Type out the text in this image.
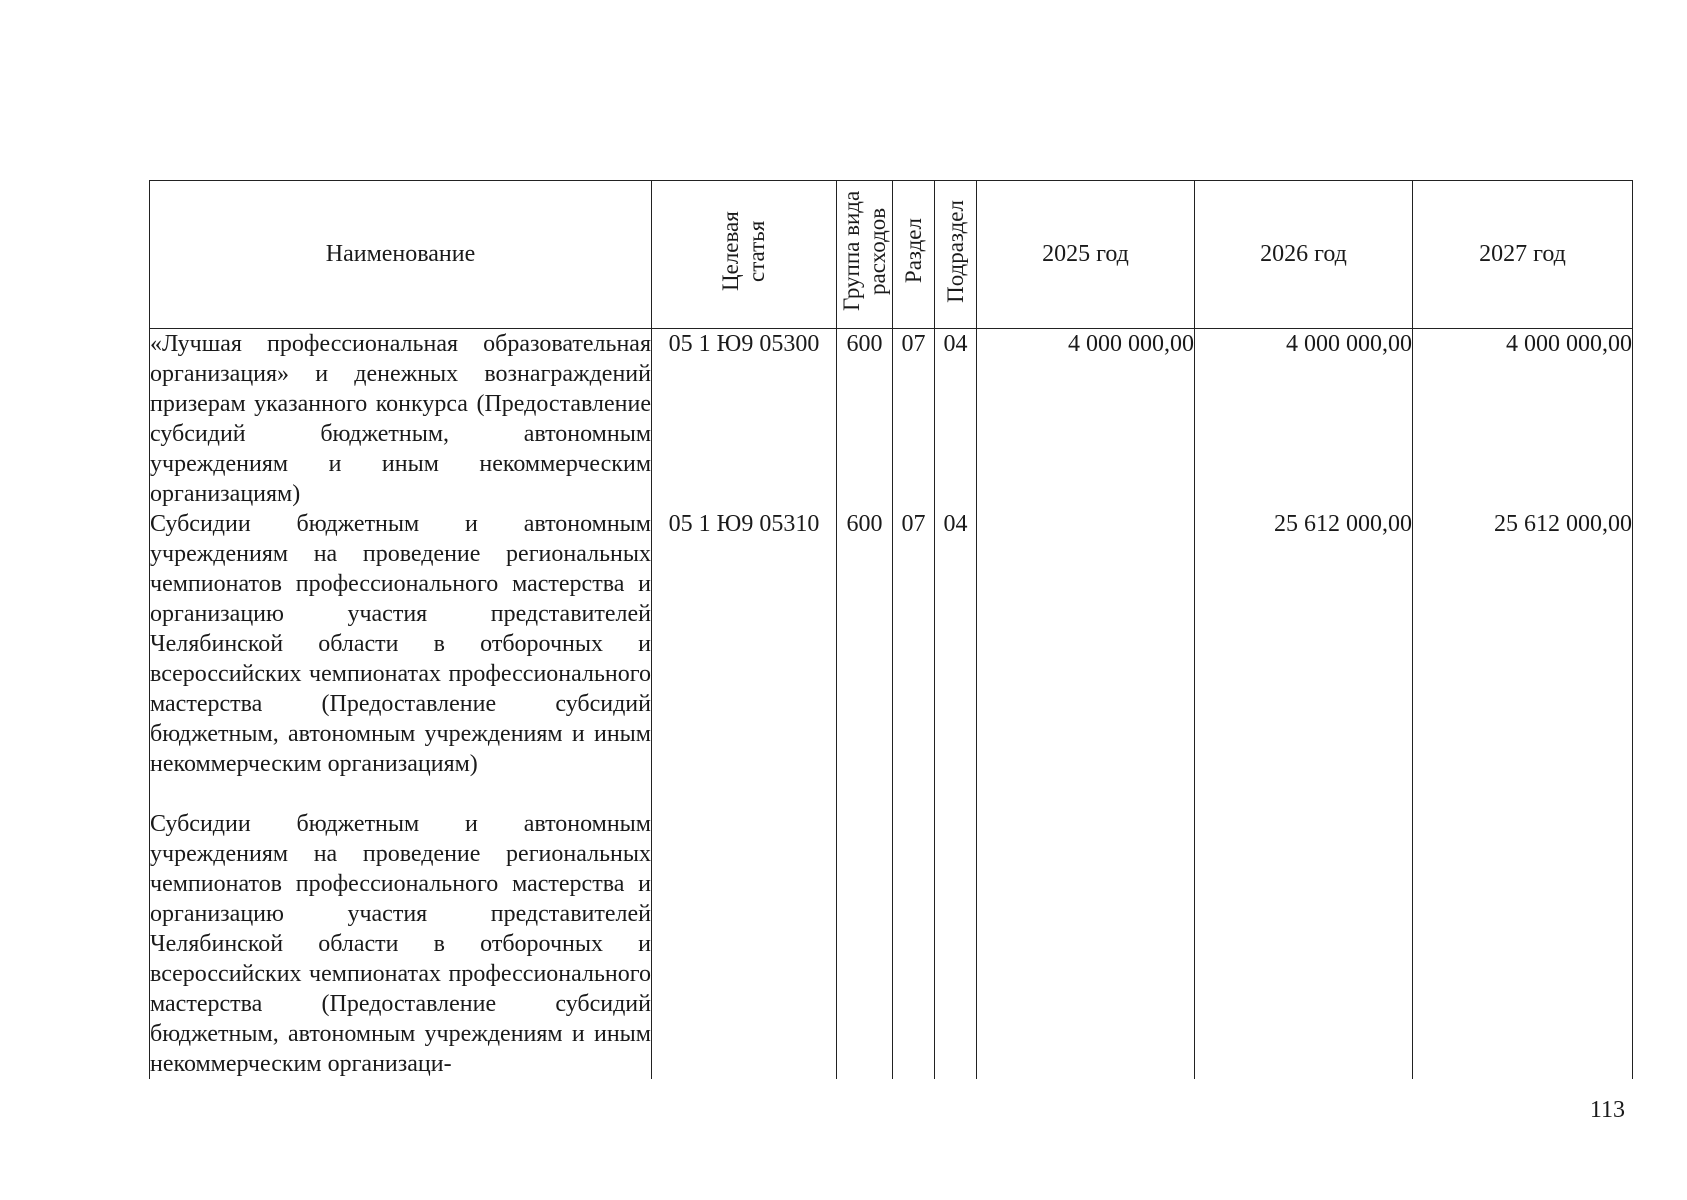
Наименование	Целевая статья	Группа вида расходов	Раздел	Подраздел	2025 год	2026 год	2027 год

«Лучшая профессиональная образовательная организация» и денежных вознаграждений призерам указанного конкурса (Предоставление субсидий бюджетным, автономным учреждениям и иным некоммерческим организациям)	05 1 Ю9 05300	600	07	04	4 000 000,00	4 000 000,00	4 000 000,00

Субсидии бюджетным и автономным учреждениям на проведение региональных чемпионатов профессионального мастерства и организацию участия представителей Челябинской области в отборочных и всероссийских чемпионатах профессионального мастерства (Предоставление субсидий бюджетным, автономным учреждениям и иным некоммерческим организациям)	05 1 Ю9 05310	600	07	04		25 612 000,00	25 612 000,00

Субсидии бюджетным и автономным учреждениям на проведение региональных чемпионатов профессионального мастерства и организацию участия представителей Челябинской области в отборочных и всероссийских чемпионатах профессионального мастерства (Предоставление субсидий бюджетным, автономным учреждениям и иным некоммерческим организаци-							

113
